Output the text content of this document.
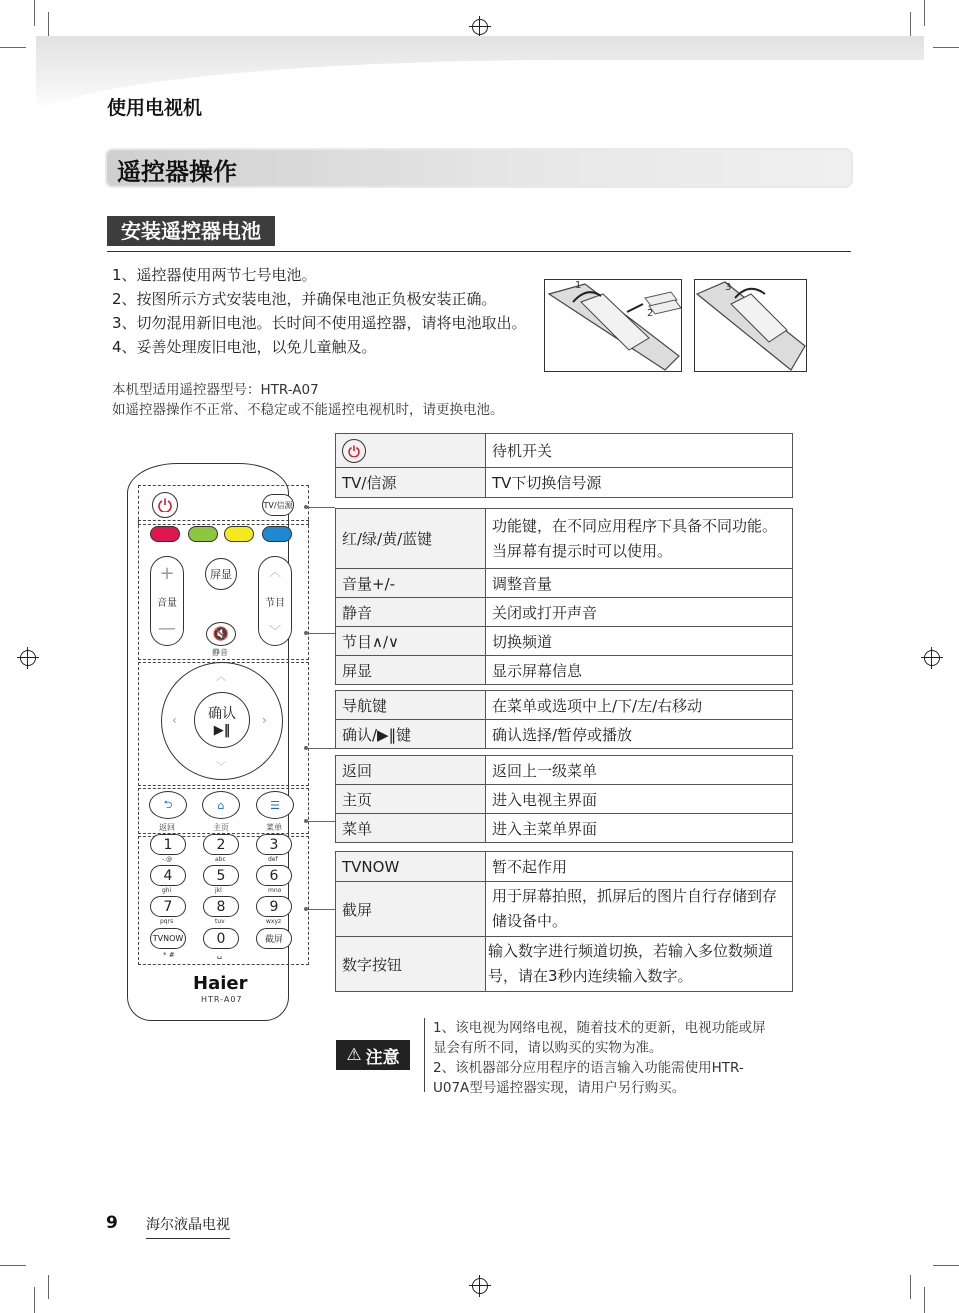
使用电视机
遥控器操作
安装遥控器电池
1、遥控器使用两节七号电池。
2、按图所示方式安装电池，并确保电池正负极安装正确。
3、切勿混用新旧电池。长时间不使用遥控器，请将电池取出。
4、妥善处理废旧电池，以免儿童触及。
1
2
3
本机型适用遥控器型号：HTR-A07
如遥控器操作不正常、不稳定或不能遥控电视机时，请更换电池。
TV/信源
+
音量
—
屏显	︿
节目
﹀
🔇
静音
︿
﹀
‹	›
确认
▶‖
⮌	⌂	☰
返回	主页	菜单
1	2	3
-.@	abc	def
4	5	6
ghi	jkl	mno
7	8	9
pqrs	tuv	wxyz
TVNOW 0	截屏
* #	␣
Haier
HTR-A07
	待机开关
TV/信源	TV下切换信号源
红/绿/黄/蓝键	功能键，在不同应用程序下具备不同功能。当屏幕有提示时可以使用。
音量+/-	调整音量
静音	关闭或打开声音
节目∧/∨	切换频道
屏显	显示屏幕信息
导航键	在菜单或选项中上/下/左/右移动
确认/▶‖键	确认选择/暂停或播放
返回	返回上一级菜单
主页	进入电视主界面
菜单	进入主菜单界面
TVNOW	暂不起作用
截屏	用于屏幕拍照，抓屏后的图片自行存储到存储设备中。
数字按钮	输入数字进行频道切换，若输入多位数频道号，请在3秒内连续输入数字。
⚠ 注意
1、该电视为网络电视，随着技术的更新，电视功能或屏
显会有所不同，请以购买的实物为准。
2、该机器部分应用程序的语言输入功能需使用HTR-
U07A型号遥控器实现，请用户另行购买。
9 海尔液晶电视
